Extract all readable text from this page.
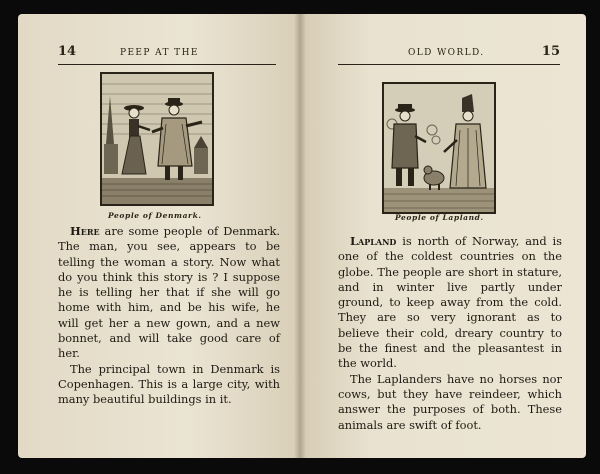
14	PEEP AT THE
People of Denmark.

Here are some people of Denmark. The man, you see, appears to be telling the woman a story. Now what do you think this story is ? I suppose he is telling her that if she will go home with him, and be his wife, he will get her a new gown, and a new bonnet, and will take good care of her.

The principal town in Denmark is Copenhagen. This is a large city, with many beautiful buildings in it.

OLD WORLD.	15
People of Lapland.

Lapland is north of Norway, and is one of the coldest countries on the globe. The people are short in stature, and in winter live partly under ground, to keep away from the cold. They are so very ignorant as to believe their cold, dreary country to be the finest and the pleasantest in the world.

The Laplanders have no horses nor cows, but they have reindeer, which answer the purposes of both. These animals are swift of foot.
